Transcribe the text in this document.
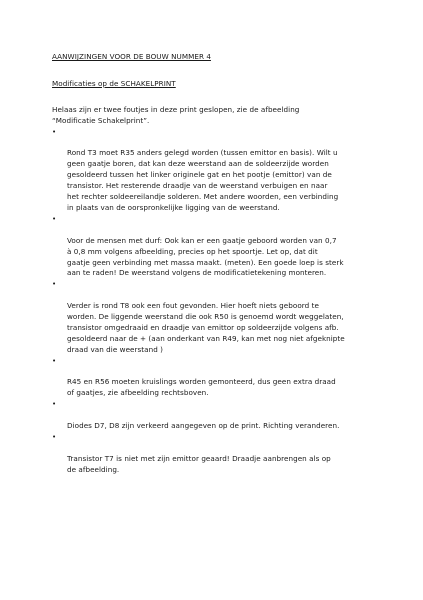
AANWIJZINGEN VOOR DE BOUW NUMMER 4

Modificaties op de SCHAKELPRINT

Helaas zijn er twee foutjes in deze print geslopen, zie de afbeelding
“Modificatie Schakelprint”.

•

Rond T3 moet R35 anders gelegd worden (tussen emittor en basis). Wilt u
geen gaatje boren, dat kan deze weerstand aan de soldeerzijde worden
gesoldeerd tussen het linker originele gat en het pootje (emittor) van de
transistor. Het resterende draadje van de weerstand verbuigen en naar
het rechter soldeereilandje solderen. Met andere woorden, een verbinding
in plaats van de oorspronkelijke ligging van de weerstand.

•

Voor de mensen met durf: Ook kan er een gaatje geboord worden van 0,7
à 0,8 mm volgens afbeelding, precies op het spoortje. Let op, dat dit
gaatje geen verbinding met massa maakt. (meten). Een goede loep is sterk
aan te raden! De weerstand volgens de modificatietekening monteren.

•

Verder is rond T8 ook een fout gevonden. Hier hoeft niets geboord te
worden. De liggende weerstand die ook R50 is genoemd wordt weggelaten,
transistor omgedraaid en draadje van emittor op soldeerzijde volgens afb.
gesoldeerd naar de + (aan onderkant van R49, kan met nog niet afgeknipte
draad van die weerstand )

•

R45 en R56 moeten kruislings worden gemonteerd, dus geen extra draad
of gaatjes, zie afbeelding rechtsboven.

•

Diodes D7, D8 zijn verkeerd aangegeven op de print. Richting veranderen.

•

Transistor T7 is niet met zijn emittor geaard! Draadje aanbrengen als op
de afbeelding.
